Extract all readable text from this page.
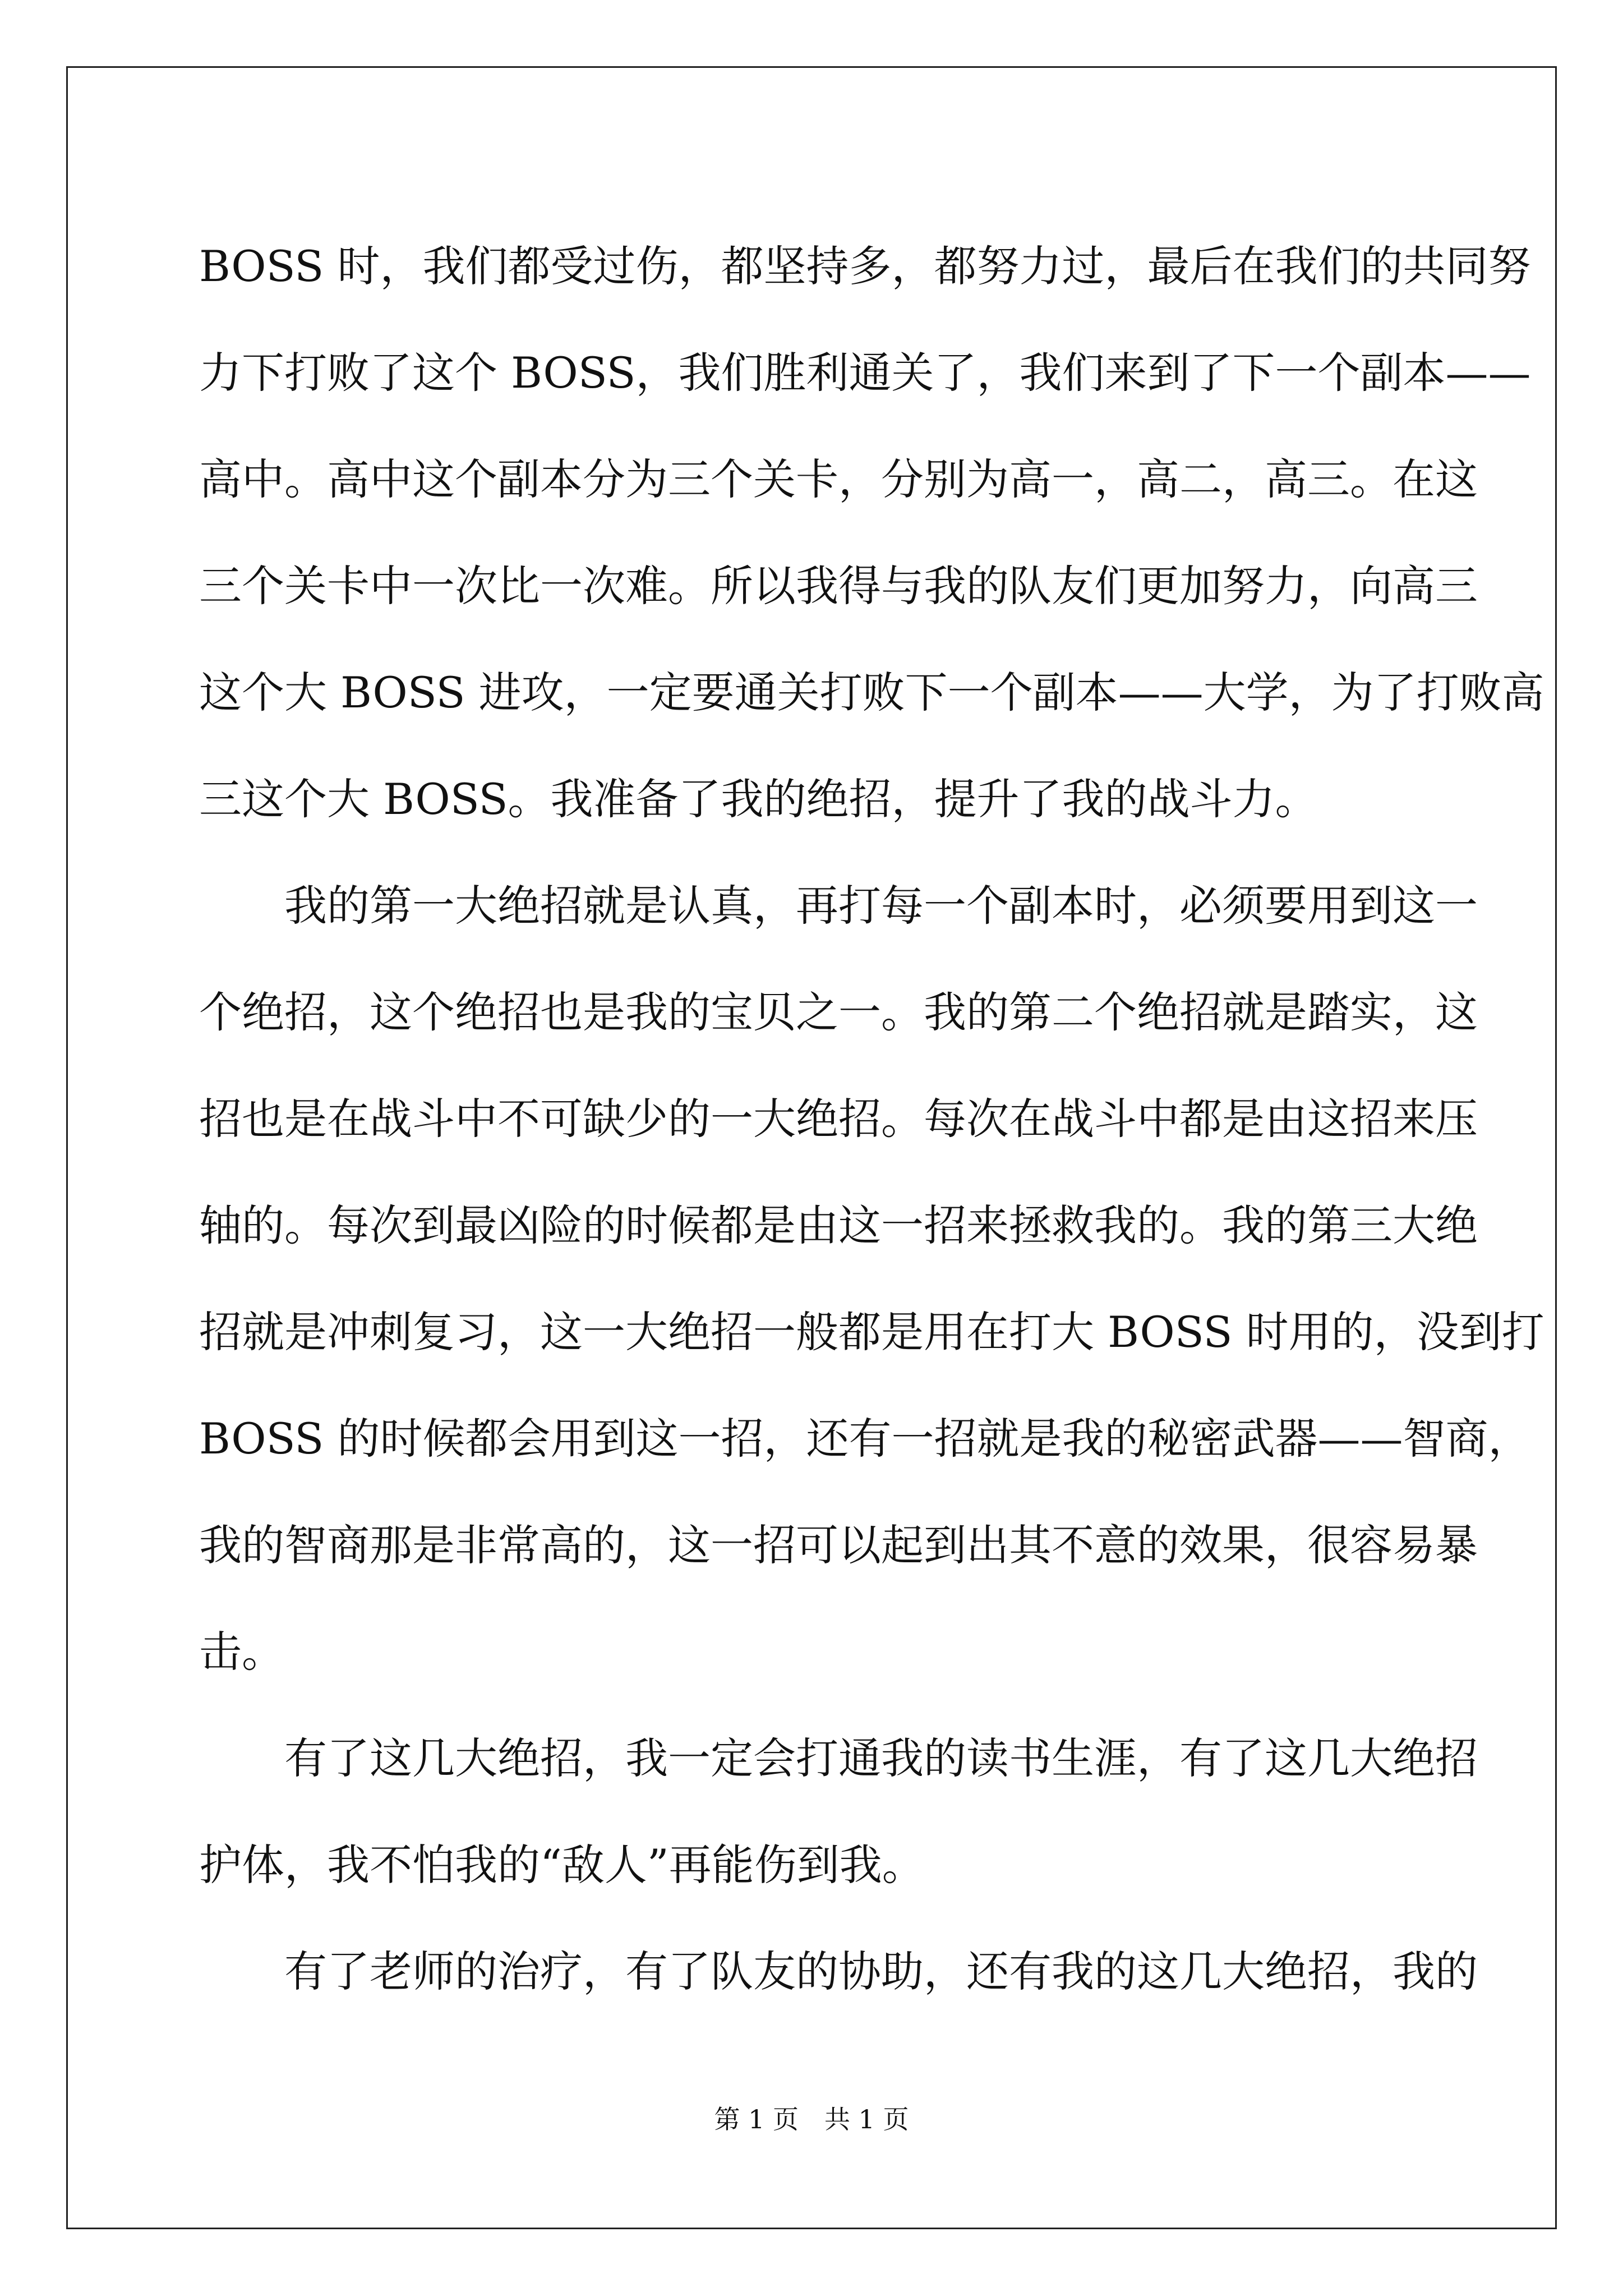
BOSS 时，我们都受过伤，都坚持多，都努力过，最后在我们的共同努
力下打败了这个 BOSS，我们胜利通关了，我们来到了下一个副本——
高中。高中这个副本分为三个关卡，分别为高一，高二，高三。在这
三个关卡中一次比一次难。所以我得与我的队友们更加努力，向高三
这个大 BOSS 进攻，一定要通关打败下一个副本——大学，为了打败高
三这个大 BOSS。我准备了我的绝招，提升了我的战斗力。
我的第一大绝招就是认真，再打每一个副本时，必须要用到这一
个绝招，这个绝招也是我的宝贝之一。我的第二个绝招就是踏实，这
招也是在战斗中不可缺少的一大绝招。每次在战斗中都是由这招来压
轴的。每次到最凶险的时候都是由这一招来拯救我的。我的第三大绝
招就是冲刺复习，这一大绝招一般都是用在打大 BOSS 时用的，没到打
BOSS 的时候都会用到这一招，还有一招就是我的秘密武器——智商，
我的智商那是非常高的，这一招可以起到出其不意的效果，很容易暴
击。
有了这几大绝招，我一定会打通我的读书生涯，有了这几大绝招
护体，我不怕我的“敌人”再能伤到我。
有了老师的治疗，有了队友的协助，还有我的这几大绝招，我的
第 1 页　共 1 页
